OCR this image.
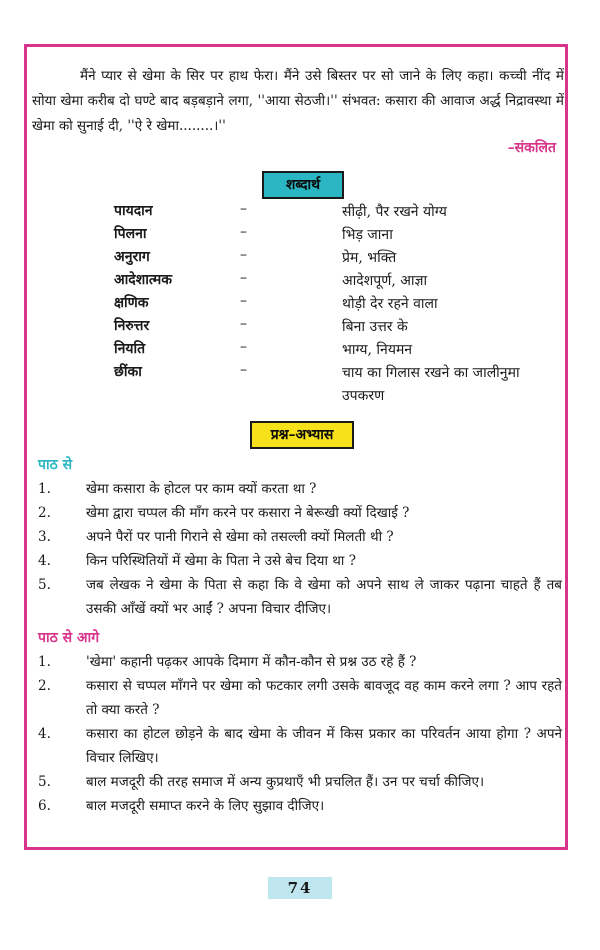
मैंने प्यार से खेमा के सिर पर हाथ फेरा। मैंने उसे बिस्तर पर सो जाने के लिए कहा। कच्ची नींद में सोया खेमा करीब दो घण्टे बाद बड़बड़ाने लगा, ''आया सेठजी।'' संभवत: कसारा की आवाज अर्द्ध निद्रावस्था में खेमा को सुनाई दी, ''ऐ रे खेमा........।''

–संकलित
शब्दार्थ
पायदान	–	सीढ़ी, पैर रखने योग्य
पिलना	–	भिड़ जाना
अनुराग	–	प्रेम, भक्ति
आदेशात्मक	–	आदेशपूर्ण, आज्ञा
क्षणिक	–	थोड़ी देर रहने वाला
निरुत्तर	–	बिना उत्तर के
नियति	–	भाग्य, नियमन
छींका	–	चाय का गिलास रखने का जालीनुमा उपकरण
प्रश्न–अभ्यास
पाठ से

1.	खेमा कसारा के होटल पर काम क्यों करता था ?

2.	खेमा द्वारा चप्पल की माँग करने पर कसारा ने बेरूखी क्यों दिखाई ?

3.	अपने पैरों पर पानी गिराने से खेमा को तसल्ली क्यों मिलती थी ?

4.	किन परिस्थितियों में खेमा के पिता ने उसे बेच दिया था ?

5.	जब लेखक ने खेमा के पिता से कहा कि वे खेमा को अपने साथ ले जाकर पढ़ाना चाहते हैं तब उसकी आँखें क्यों भर आईं ? अपना विचार दीजिए।

पाठ से आगे

1.	'खेमा' कहानी पढ़कर आपके दिमाग में कौन-कौन से प्रश्न उठ रहे हैं ?

2.	कसारा से चप्पल माँगने पर खेमा को फटकार लगी उसके बावजूद वह काम करने लगा ? आप रहते तो क्या करते ?

4.	कसारा का होटल छोड़ने के बाद खेमा के जीवन में किस प्रकार का परिवर्तन आया होगा ? अपने विचार लिखिए।

5.	बाल मजदूरी की तरह समाज में अन्य कुप्रथाएँ भी प्रचलित हैं। उन पर चर्चा कीजिए।

6.	बाल मजदूरी समाप्त करने के लिए सुझाव दीजिए।

74
